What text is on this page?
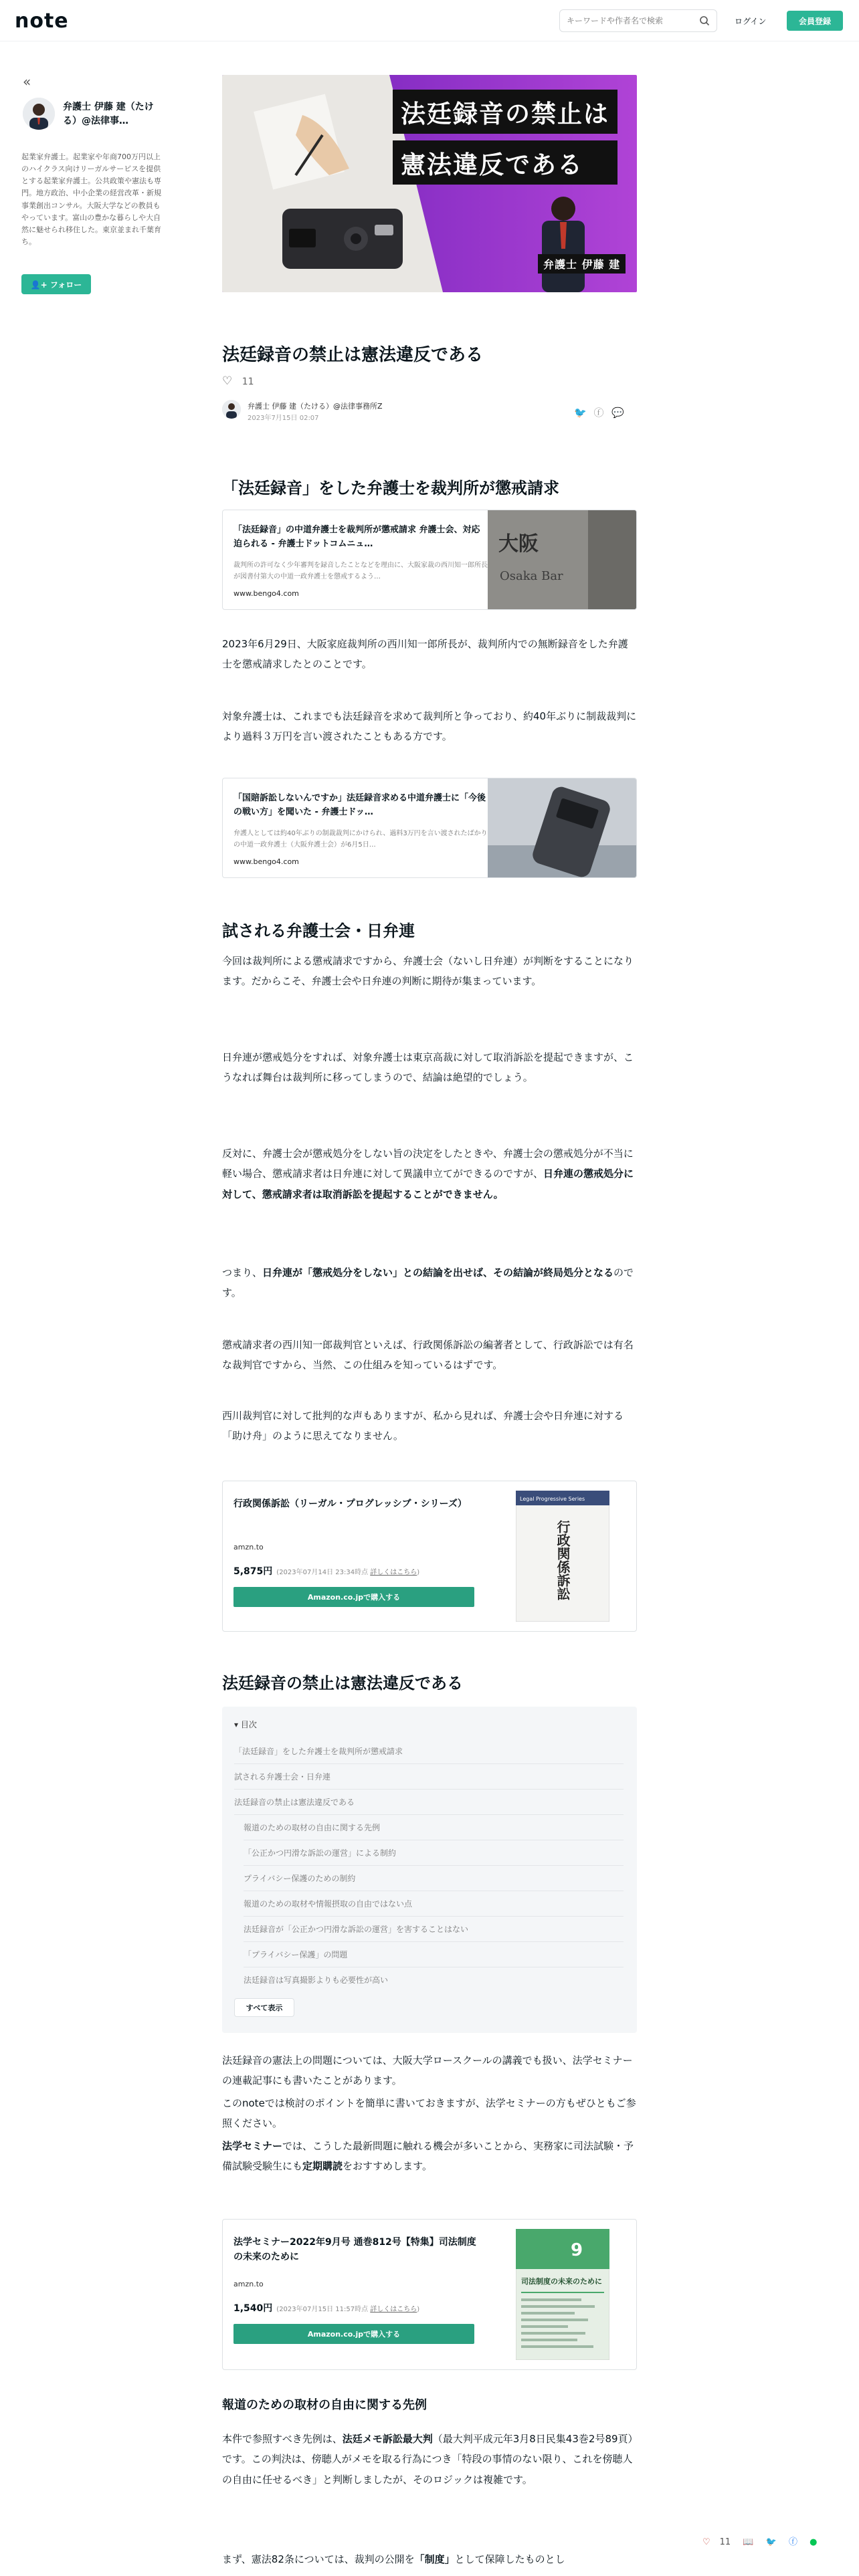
note
キーワードや作者名で検索	ログイン	会員登録
«
弁護士 伊藤 建（たける）@法律事…
起業家弁護士。起業家や年商700万円以上のハイクラス向けリーガルサービスを提供とする起業家弁護士。公共政策や憲法も専門。地方政治、中小企業の経営改革・新規事業創出コンサル。大阪大学などの教員もやっています。富山の豊かな暮らしや大自然に魅せられ移住した。東京並まれ千葉育ち。
👤+ フォロー
法廷録音の禁止は
憲法違反である
弁護士 伊藤 建
法廷録音の禁止は憲法違反である
♡ 11
弁護士 伊藤 建（たける）@法律事務所Z
2023年7月15日 02:07	🐦 ⓕ 💬
「法廷録音」をした弁護士を裁判所が懲戒請求
「法廷録音」の中道弁護士を裁判所が懲戒請求 弁護士会、対応迫られる - 弁護士ドットコムニュ…
裁判所の許可なく少年審判を録音したことなどを理由に、大阪家裁の西川知一郎所長が図書付第大の中道一政弁護士を懲戒するよう…
www.bengo4.com
大阪
Osaka Bar
2023年6月29日、大阪家庭裁判所の西川知一郎所長が、裁判所内での無断録音をした弁護士を懲戒請求したとのことです。
対象弁護士は、これまでも法廷録音を求めて裁判所と争っており、約40年ぶりに制裁裁判により過料３万円を言い渡されたこともある方です。
「国賠訴訟しないんですか」法廷録音求める中道弁護士に「今後の戦い方」を聞いた - 弁護士ドッ…
弁護人としては約40年ぶりの制裁裁判にかけられ、過料3万円を言い渡されたばかりの中道一政弁護士（大阪弁護士会）が6月5日…
www.bengo4.com
試される弁護士会・日弁連
今回は裁判所による懲戒請求ですから、弁護士会（ないし日弁連）が判断をすることになります。だからこそ、弁護士会や日弁連の判断に期待が集まっています。
日弁連が懲戒処分をすれば、対象弁護士は東京高裁に対して取消訴訟を提起できますが、こうなれば舞台は裁判所に移ってしまうので、結論は絶望的でしょう。
反対に、弁護士会が懲戒処分をしない旨の決定をしたときや、弁護士会の懲戒処分が不当に軽い場合、懲戒請求者は日弁連に対して異議申立てができるのですが、日弁連の懲戒処分に対して、懲戒請求者は取消訴訟を提起することができません。
つまり、日弁連が「懲戒処分をしない」との結論を出せば、その結論が終局処分となるのです。
懲戒請求者の西川知一郎裁判官といえば、行政関係訴訟の編著者として、行政訴訟では有名な裁判官ですから、当然、この仕組みを知っているはずです。
西川裁判官に対して批判的な声もありますが、私から見れば、弁護士会や日弁連に対する「助け舟」のように思えてなりません。
行政関係訴訟（リーガル・プログレッシブ・シリーズ）
amzn.to
5,875円 (2023年07月14日 23:34時点 詳しくはこちら)
Amazon.co.jpで購入する
Legal Progressive Series
行政関係訴訟
法廷録音の禁止は憲法違反である
▾ 目次
「法廷録音」をした弁護士を裁判所が懲戒請求
試される弁護士会・日弁連
法廷録音の禁止は憲法違反である
報道のための取材の自由に関する先例
「公正かつ円滑な訴訟の運営」による制約
プライバシー保護のための制約
報道のための取材や情報摂取の自由ではない点
法廷録音が「公正かつ円滑な訴訟の運営」を害することはない
「プライバシー保護」の問題
法廷録音は写真撮影よりも必要性が高い
すべて表示
法廷録音の憲法上の問題については、大阪大学ロースクールの講義でも扱い、法学セミナーの連載記事にも書いたことがあります。
このnoteでは検討のポイントを簡単に書いておきますが、法学セミナーの方もぜひともご参照ください。
法学セミナーでは、こうした最新問題に触れる機会が多いことから、実務家に司法試験・予備試験受験生にも定期購読をおすすめします。
法学セミナー2022年9月号 通巻812号【特集】司法制度の未来のために
amzn.to
1,540円 (2023年07月15日 11:57時点 詳しくはこちら)
Amazon.co.jpで購入する
9
司法制度の未来のために
報道のための取材の自由に関する先例
本件で参照すべき先例は、法廷メモ訴訟最大判（最大判平成元年3月8日民集43巻2号89頁）です。この判決は、傍聴人がメモを取る行為につき「特段の事情のない限り、これを傍聴人の自由に任せるべき」と判断しましたが、そのロジックは複雑です。
まず、憲法82条については、裁判の公開を「制度」として保障したものとし
♡ 11 📖 🐦 ⓕ ●
